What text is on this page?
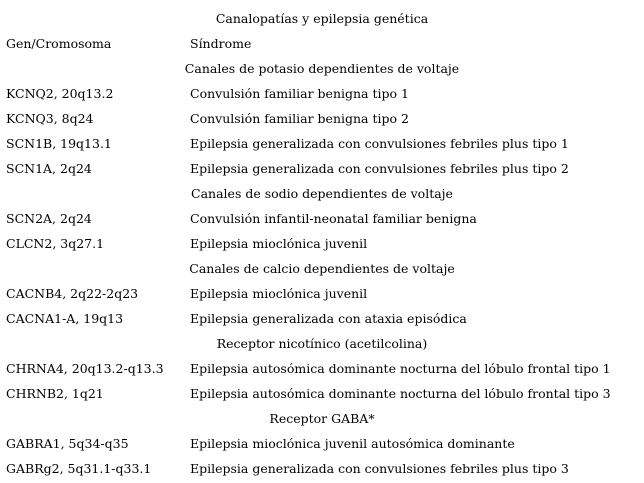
Canalopatías y epilepsia genética
Gen/Cromosoma	Síndrome
Canales de potasio dependientes de voltaje
KCNQ2, 20q13.2	Convulsión familiar benigna tipo 1
KCNQ3, 8q24	Convulsión familiar benigna tipo 2
SCN1B, 19q13.1	Epilepsia generalizada con convulsiones febriles plus tipo 1
SCN1A, 2q24	Epilepsia generalizada con convulsiones febriles plus tipo 2
Canales de sodio dependientes de voltaje
SCN2A, 2q24	Convulsión infantil-neonatal familiar benigna
CLCN2, 3q27.1	Epilepsia mioclónica juvenil
Canales de calcio dependientes de voltaje
CACNB4, 2q22-2q23	Epilepsia mioclónica juvenil
CACNA1-A, 19q13	Epilepsia generalizada con ataxia episódica
Receptor nicotínico (acetilcolina)
CHRNA4, 20q13.2-q13.3 Epilepsia autosómica dominante nocturna del lóbulo frontal tipo 1
CHRNB2, 1q21	Epilepsia autosómica dominante nocturna del lóbulo frontal tipo 3
Receptor GABA*
GABRA1, 5q34-q35	Epilepsia mioclónica juvenil autosómica dominante
GABRg2, 5q31.1-q33.1	Epilepsia generalizada con convulsiones febriles plus tipo 3
